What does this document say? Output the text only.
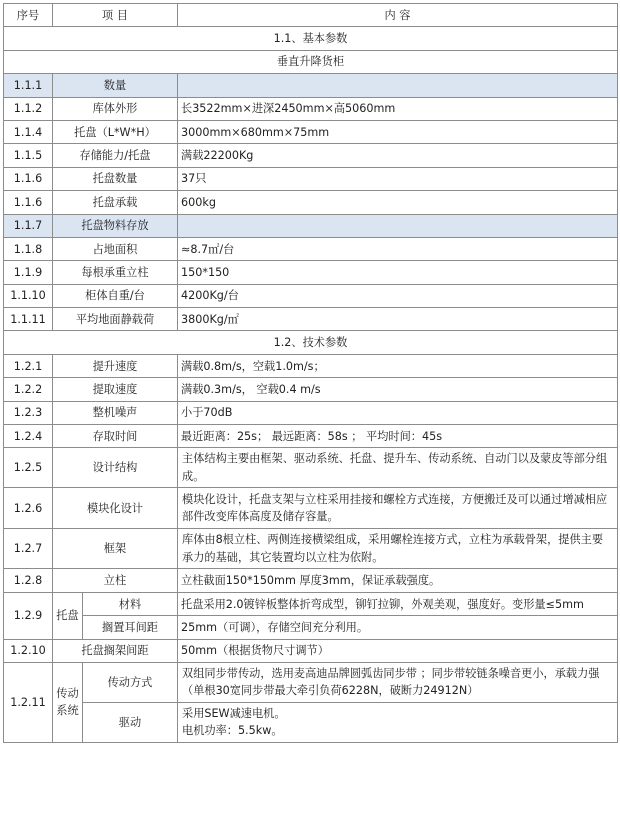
序号	项 目		内 容
1.1、基本参数			
垂直升降货柜			
1.1.1	数量		
1.1.2	库体外形		长3522mm×进深2450mm×高5060mm
1.1.4	托盘（L*W*H）		3000mm×680mm×75mm
1.1.5	存储能力/托盘		满载22200Kg
1.1.6	托盘数量		37只
1.1.6	托盘承载		600kg
1.1.7	托盘物料存放		
1.1.8	占地面积		≈8.7㎡/台
1.1.9	每根承重立柱		150*150
1.1.10	柜体自重/台		4200Kg/台
1.1.11	平均地面静载荷		3800Kg/㎡
1.2、技术参数			
1.2.1	提升速度		满载0.8m/s，空载1.0m/s；
1.2.2	提取速度		满载0.3m/s， 空载0.4 m/s
1.2.3	整机噪声		小于70dB
1.2.4	存取时间		最近距离：25s； 最远距离：58s ； 平均时间：45s
1.2.5	设计结构		主体结构主要由框架、驱动系统、托盘、提升车、传动系统、自动门以及蒙皮等部分组成。
1.2.6	模块化设计		模块化设计，托盘支架与立柱采用挂接和螺栓方式连接，方便搬迁及可以通过增减相应部件改变库体高度及储存容量。
1.2.7	框架		库体由8根立柱、两侧连接横梁组成，采用螺栓连接方式，立柱为承载骨架，提供主要承力的基础，其它装置均以立柱为依附。
1.2.8	立柱		立柱截面150*150mm 厚度3mm，保证承载强度。
1.2.9	托盘	材料	托盘采用2.0镀锌板整体折弯成型，铆钉拉铆，外观美观，强度好。变形量≤5mm
		搁置耳间距	25mm（可调），存储空间充分利用。
1.2.10	托盘搁架间距		50mm（根据货物尺寸调节）
1.2.11	传动系统	传动方式	双组同步带传动，选用麦高迪品牌圆弧齿同步带 ；同步带较链条噪音更小，承载力强（单根30宽同步带最大牵引负荷6228N，破断力24912N）
		驱动	采用SEW减速电机。
电机功率：5.5kw。
